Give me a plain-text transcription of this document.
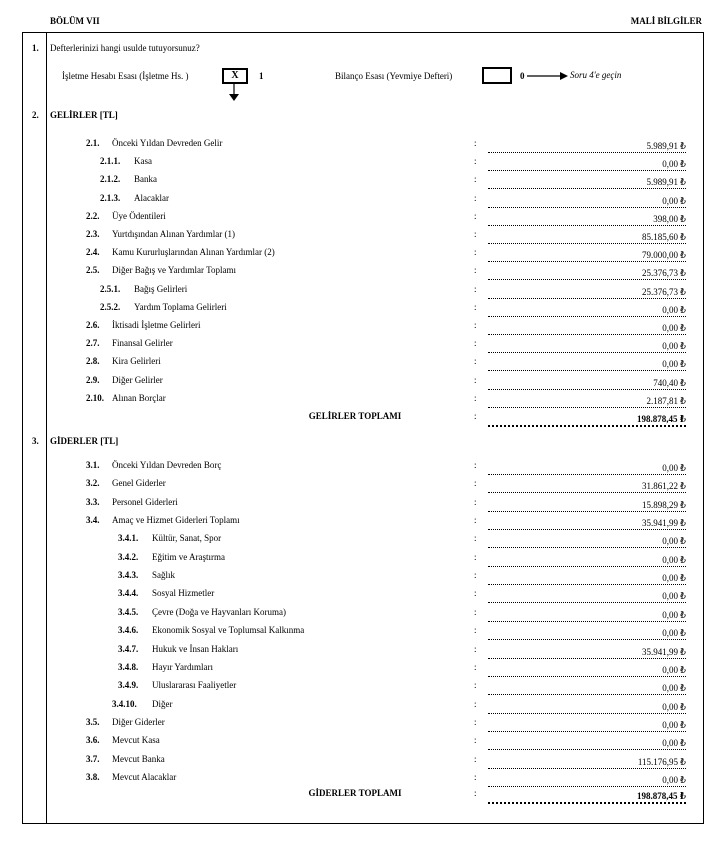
BÖLÜM VII	MALİ BİLGİLER
1. Defterlerinizi hangi usulde tutuyorsunuz?
İşletme Hesabı Esası (İşletme Hs. )	X	1	Bilanço Esası (Yevmiye Defteri)	0	Soru 4'e geçin
2. GELİRLER [TL]
3. GİDERLER [TL]
2.1. Önceki Yıldan Devreden Gelir	:	5.989,91 ₺
2.1.1. Kasa	:	0,00 ₺
2.1.2. Banka	:	5.989,91 ₺
2.1.3. Alacaklar	:	0,00 ₺
2.2. Üye Ödentileri	:	398,00 ₺
2.3. Yurtdışından Alınan Yardımlar (1)	:	85.185,60 ₺
2.4. Kamu Kururluşlarından Alınan Yardımlar (2)	:	79.000,00 ₺
2.5. Diğer Bağış ve Yardımlar Toplamı	:	25.376,73 ₺
2.5.1. Bağış Gelirleri	:	25.376,73 ₺
2.5.2. Yardım Toplama Gelirleri	:	0,00 ₺
2.6. İktisadi İşletme Gelirleri	:	0,00 ₺
2.7. Finansal Gelirler	:	0,00 ₺
2.8. Kira Gelirleri	:	0,00 ₺
2.9. Diğer Gelirler	:	740,40 ₺
2.10. Alınan Borçlar	:	2.187,81 ₺
GELİRLER TOPLAMI	:	198.878,45 ₺
3.1. Önceki Yıldan Devreden Borç	:	0,00 ₺
3.2. Genel Giderler	:	31.861,22 ₺
3.3. Personel Giderleri	:	15.898,29 ₺
3.4. Amaç ve Hizmet Giderleri Toplamı	:	35.941,99 ₺
3.4.1. Kültür, Sanat, Spor	:	0,00 ₺
3.4.2. Eğitim ve Araştırma	:	0,00 ₺
3.4.3. Sağlık	:	0,00 ₺
3.4.4. Sosyal Hizmetler	:	0,00 ₺
3.4.5. Çevre (Doğa ve Hayvanları Koruma)	:	0,00 ₺
3.4.6. Ekonomik Sosyal ve Toplumsal Kalkınma	:	0,00 ₺
3.4.7. Hukuk ve İnsan Hakları	:	35.941,99 ₺
3.4.8. Hayır Yardımları	:	0,00 ₺
3.4.9. Uluslararası Faaliyetler	:	0,00 ₺
3.4.10. Diğer	:	0,00 ₺
3.5. Diğer Giderler	:	0,00 ₺
3.6. Mevcut Kasa	:	0,00 ₺
3.7. Mevcut Banka	:	115.176,95 ₺
3.8. Mevcut Alacaklar	:	0,00 ₺
GİDERLER TOPLAMI	:	198.878,45 ₺
